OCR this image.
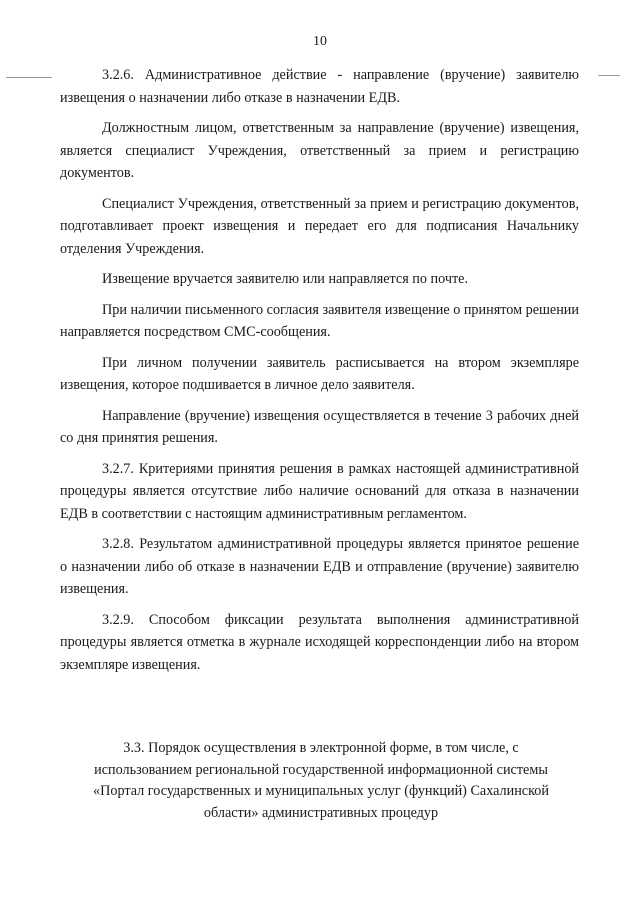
10

3.2.6. Административное действие - направление (вручение) заявителю извещения о назначении либо отказе в назначении ЕДВ.

Должностным лицом, ответственным за направление (вручение) извещения, является специалист Учреждения, ответственный за прием и регистрацию документов.

Специалист Учреждения, ответственный за прием и регистрацию документов, подготавливает проект извещения и передает его для подписания Начальнику отделения Учреждения.

Извещение вручается заявителю или направляется по почте.

При наличии письменного согласия заявителя извещение о принятом решении направляется посредством СМС-сообщения.

При личном получении заявитель расписывается на втором экземпляре извещения, которое подшивается в личное дело заявителя.

Направление (вручение) извещения осуществляется в течение 3 рабочих дней со дня принятия решения.

3.2.7. Критериями принятия решения в рамках настоящей административной процедуры является отсутствие либо наличие оснований для отказа в назначении ЕДВ в соответствии с настоящим административным регламентом.

3.2.8. Результатом административной процедуры является принятое решение о назначении либо об отказе в назначении ЕДВ и отправление (вручение) заявителю извещения.

3.2.9. Способом фиксации результата выполнения административной процедуры является отметка в журнале исходящей корреспонденции либо на втором экземпляре извещения.

3.3. Порядок осуществления в электронной форме, в том числе, с
использованием региональной государственной информационной системы
«Портал государственных и муниципальных услуг (функций) Сахалинской
области» административных процедур
